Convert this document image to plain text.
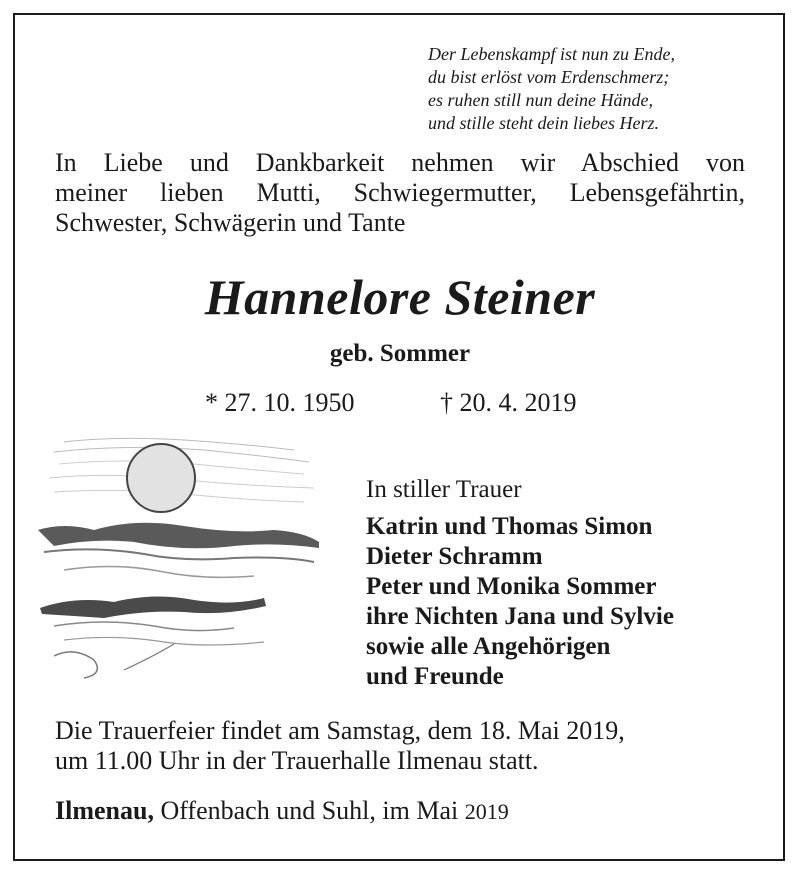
Der Lebenskampf ist nun zu Ende,
du bist erlöst vom Erdenschmerz;
es ruhen still nun deine Hände,
und stille steht dein liebes Herz.
In Liebe und Dankbarkeit nehmen wir Abschied von
meiner lieben Mutti, Schwiegermutter, Lebensgefährtin,
Schwester, Schwägerin und Tante
Hannelore Steiner
geb. Sommer
* 27. 10. 1950	† 20. 4. 2019
In stiller Trauer
Katrin und Thomas Simon
Dieter Schramm
Peter und Monika Sommer
ihre Nichten Jana und Sylvie
sowie alle Angehörigen
und Freunde
Die Trauerfeier findet am Samstag, dem 18. Mai 2019,
um 11.00 Uhr in der Trauerhalle Ilmenau statt.
Ilmenau, Offenbach und Suhl, im Mai 2019
